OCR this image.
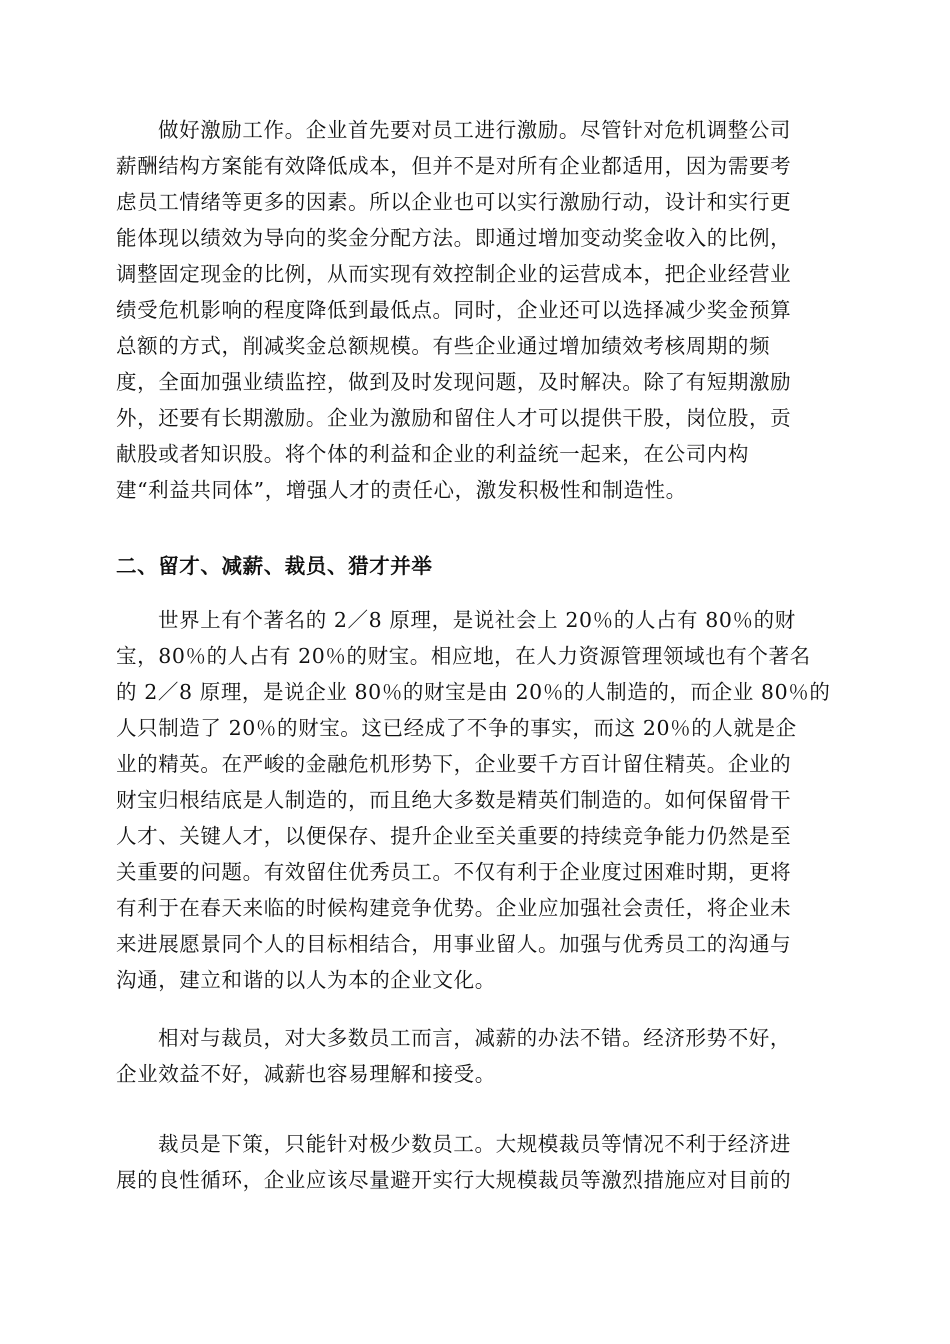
做好激励工作。企业首先要对员工进行激励。尽管针对危机调整公司
薪酬结构方案能有效降低成本，但并不是对所有企业都适用，因为需要考
虑员工情绪等更多的因素。所以企业也可以实行激励行动，设计和实行更
能体现以绩效为导向的奖金分配方法。即通过增加变动奖金收入的比例，
调整固定现金的比例，从而实现有效控制企业的运营成本，把企业经营业
绩受危机影响的程度降低到最低点。同时，企业还可以选择减少奖金预算
总额的方式，削减奖金总额规模。有些企业通过增加绩效考核周期的频
度，全面加强业绩监控，做到及时发现问题，及时解决。除了有短期激励
外，还要有长期激励。企业为激励和留住人才可以提供干股，岗位股，贡
献股或者知识股。将个体的利益和企业的利益统一起来，在公司内构
建“利益共同体”，增强人才的责任心，激发积极性和制造性。
二、留才、减薪、裁员、猎才并举
世界上有个著名的 2／8 原理，是说社会上 20％的人占有 80％的财
宝，80％的人占有 20％的财宝。相应地，在人力资源管理领域也有个著名
的 2／8 原理，是说企业 80％的财宝是由 20％的人制造的，而企业 80％的
人只制造了 20％的财宝。这已经成了不争的事实，而这 20％的人就是企
业的精英。在严峻的金融危机形势下，企业要千方百计留住精英。企业的
财宝归根结底是人制造的，而且绝大多数是精英们制造的。如何保留骨干
人才、关键人才，以便保存、提升企业至关重要的持续竞争能力仍然是至
关重要的问题。有效留住优秀员工。不仅有利于企业度过困难时期，更将
有利于在春天来临的时候构建竞争优势。企业应加强社会责任，将企业未
来进展愿景同个人的目标相结合，用事业留人。加强与优秀员工的沟通与
沟通，建立和谐的以人为本的企业文化。
相对与裁员，对大多数员工而言，减薪的办法不错。经济形势不好，
企业效益不好，减薪也容易理解和接受。
裁员是下策，只能针对极少数员工。大规模裁员等情况不利于经济进
展的良性循环，企业应该尽量避开实行大规模裁员等激烈措施应对目前的
